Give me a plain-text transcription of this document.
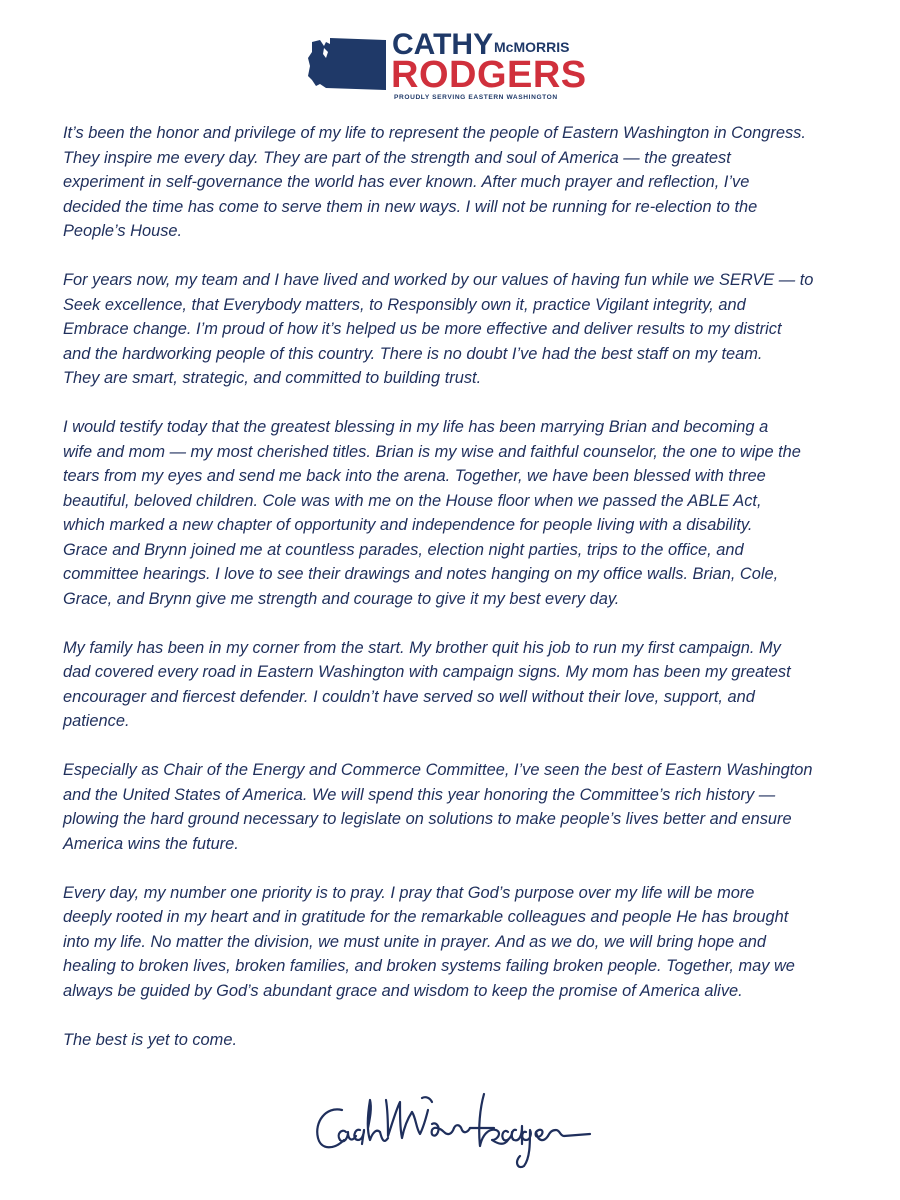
CATHY McMORRIS
RODGERS
PROUDLY SERVING EASTERN WASHINGTON

It’s been the honor and privilege of my life to represent the people of Eastern Washington in Congress.
They inspire me every day. They are part of the strength and soul of America — the greatest
experiment in self-governance the world has ever known. After much prayer and reflection, I’ve
decided the time has come to serve them in new ways. I will not be running for re-election to the
People’s House.

For years now, my team and I have lived and worked by our values of having fun while we SERVE — to
Seek excellence, that Everybody matters, to Responsibly own it, practice Vigilant integrity, and
Embrace change. I’m proud of how it’s helped us be more effective and deliver results to my district
and the hardworking people of this country. There is no doubt I’ve had the best staff on my team.
They are smart, strategic, and committed to building trust.

I would testify today that the greatest blessing in my life has been marrying Brian and becoming a
wife and mom — my most cherished titles. Brian is my wise and faithful counselor, the one to wipe the
tears from my eyes and send me back into the arena. Together, we have been blessed with three
beautiful, beloved children. Cole was with me on the House floor when we passed the ABLE Act,
which marked a new chapter of opportunity and independence for people living with a disability.
Grace and Brynn joined me at countless parades, election night parties, trips to the office, and
committee hearings. I love to see their drawings and notes hanging on my office walls. Brian, Cole,
Grace, and Brynn give me strength and courage to give it my best every day.

My family has been in my corner from the start. My brother quit his job to run my first campaign. My
dad covered every road in Eastern Washington with campaign signs. My mom has been my greatest
encourager and fiercest defender. I couldn’t have served so well without their love, support, and
patience.

Especially as Chair of the Energy and Commerce Committee, I’ve seen the best of Eastern Washington
and the United States of America. We will spend this year honoring the Committee’s rich history —
plowing the hard ground necessary to legislate on solutions to make people’s lives better and ensure
America wins the future.

Every day, my number one priority is to pray. I pray that God’s purpose over my life will be more
deeply rooted in my heart and in gratitude for the remarkable colleagues and people He has brought
into my life. No matter the division, we must unite in prayer. And as we do, we will bring hope and
healing to broken lives, broken families, and broken systems failing broken people. Together, may we
always be guided by God’s abundant grace and wisdom to keep the promise of America alive.

The best is yet to come.
